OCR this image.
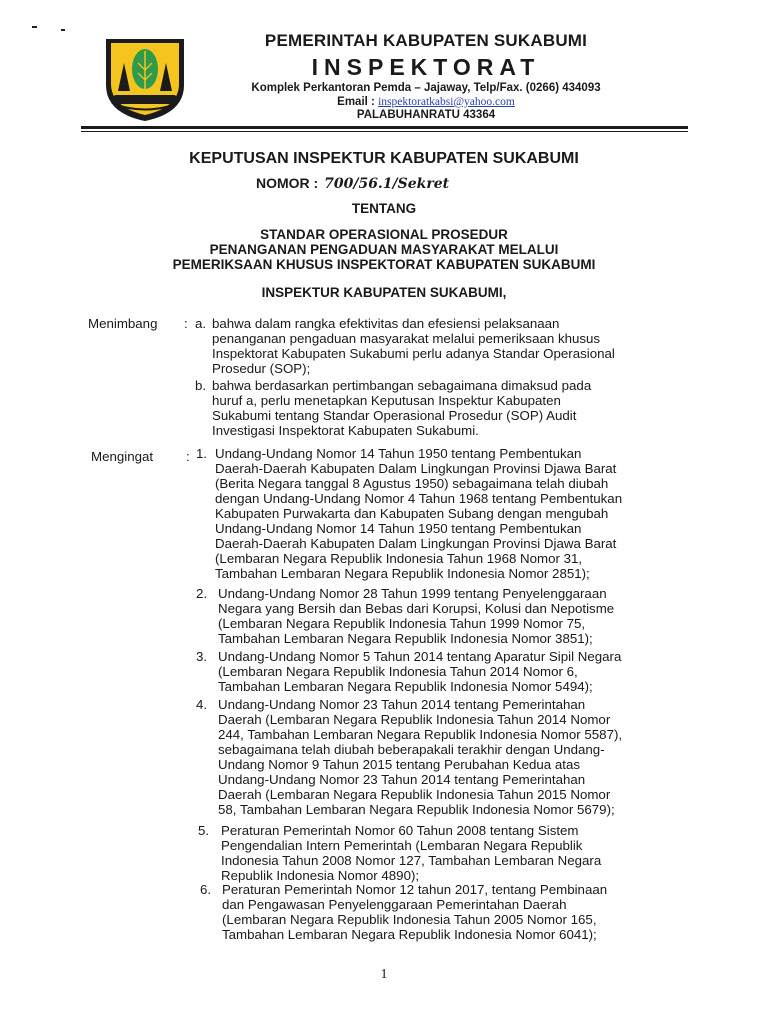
PEMERINTAH KABUPATEN SUKABUMI
INSPEKTORAT
Komplek Perkantoran Pemda – Jajaway, Telp/Fax. (0266) 434093
Email : inspektoratkabsi@yahoo.com
PALABUHANRATU 43364
KEPUTUSAN INSPEKTUR KABUPATEN SUKABUMI
NOMOR : 700/56.1/Sekret
TENTANG
STANDAR OPERASIONAL PROSEDUR
PENANGANAN PENGADUAN MASYARAKAT MELALUI
PEMERIKSAAN KHUSUS INSPEKTORAT KABUPATEN SUKABUMI
INSPEKTUR KABUPATEN SUKABUMI,
Menimbang : a. bahwa dalam rangka efektivitas dan efesiensi pelaksanaan
penanganan pengaduan masyarakat melalui pemeriksaan khusus
Inspektorat Kabupaten Sukabumi perlu adanya Standar Operasional
Prosedur (SOP);
b. bahwa berdasarkan pertimbangan sebagaimana dimaksud pada
huruf a, perlu menetapkan Keputusan Inspektur Kabupaten
Sukabumi tentang Standar Operasional Prosedur (SOP) Audit
Investigasi Inspektorat Kabupaten Sukabumi.
Mengingat : 1. Undang-Undang Nomor 14 Tahun 1950 tentang Pembentukan
Daerah-Daerah Kabupaten Dalam Lingkungan Provinsi Djawa Barat
(Berita Negara tanggal 8 Agustus 1950) sebagaimana telah diubah
dengan Undang-Undang Nomor 4 Tahun 1968 tentang Pembentukan
Kabupaten Purwakarta dan Kabupaten Subang dengan mengubah
Undang-Undang Nomor 14 Tahun 1950 tentang Pembentukan
Daerah-Daerah Kabupaten Dalam Lingkungan Provinsi Djawa Barat
(Lembaran Negara Republik Indonesia Tahun 1968 Nomor 31,
Tambahan Lembaran Negara Republik Indonesia Nomor 2851);
2. Undang-Undang Nomor 28 Tahun 1999 tentang Penyelenggaraan
Negara yang Bersih dan Bebas dari Korupsi, Kolusi dan Nepotisme
(Lembaran Negara Republik Indonesia Tahun 1999 Nomor 75,
Tambahan Lembaran Negara Republik Indonesia Nomor 3851);
3. Undang-Undang Nomor 5 Tahun 2014 tentang Aparatur Sipil Negara
(Lembaran Negara Republik Indonesia Tahun 2014 Nomor 6,
Tambahan Lembaran Negara Republik Indonesia Nomor 5494);
4. Undang-Undang Nomor 23 Tahun 2014 tentang Pemerintahan
Daerah (Lembaran Negara Republik Indonesia Tahun 2014 Nomor
244, Tambahan Lembaran Negara Republik Indonesia Nomor 5587),
sebagaimana telah diubah beberapakali terakhir dengan Undang-
Undang Nomor 9 Tahun 2015 tentang Perubahan Kedua atas
Undang-Undang Nomor 23 Tahun 2014 tentang Pemerintahan
Daerah (Lembaran Negara Republik Indonesia Tahun 2015 Nomor
58, Tambahan Lembaran Negara Republik Indonesia Nomor 5679);
5. Peraturan Pemerintah Nomor 60 Tahun 2008 tentang Sistem
Pengendalian Intern Pemerintah (Lembaran Negara Republik
Indonesia Tahun 2008 Nomor 127, Tambahan Lembaran Negara
Republik Indonesia Nomor 4890);
6. Peraturan Pemerintah Nomor 12 tahun 2017, tentang Pembinaan
dan Pengawasan Penyelenggaraan Pemerintahan Daerah
(Lembaran Negara Republik Indonesia Tahun 2005 Nomor 165,
Tambahan Lembaran Negara Republik Indonesia Nomor 6041);
1
